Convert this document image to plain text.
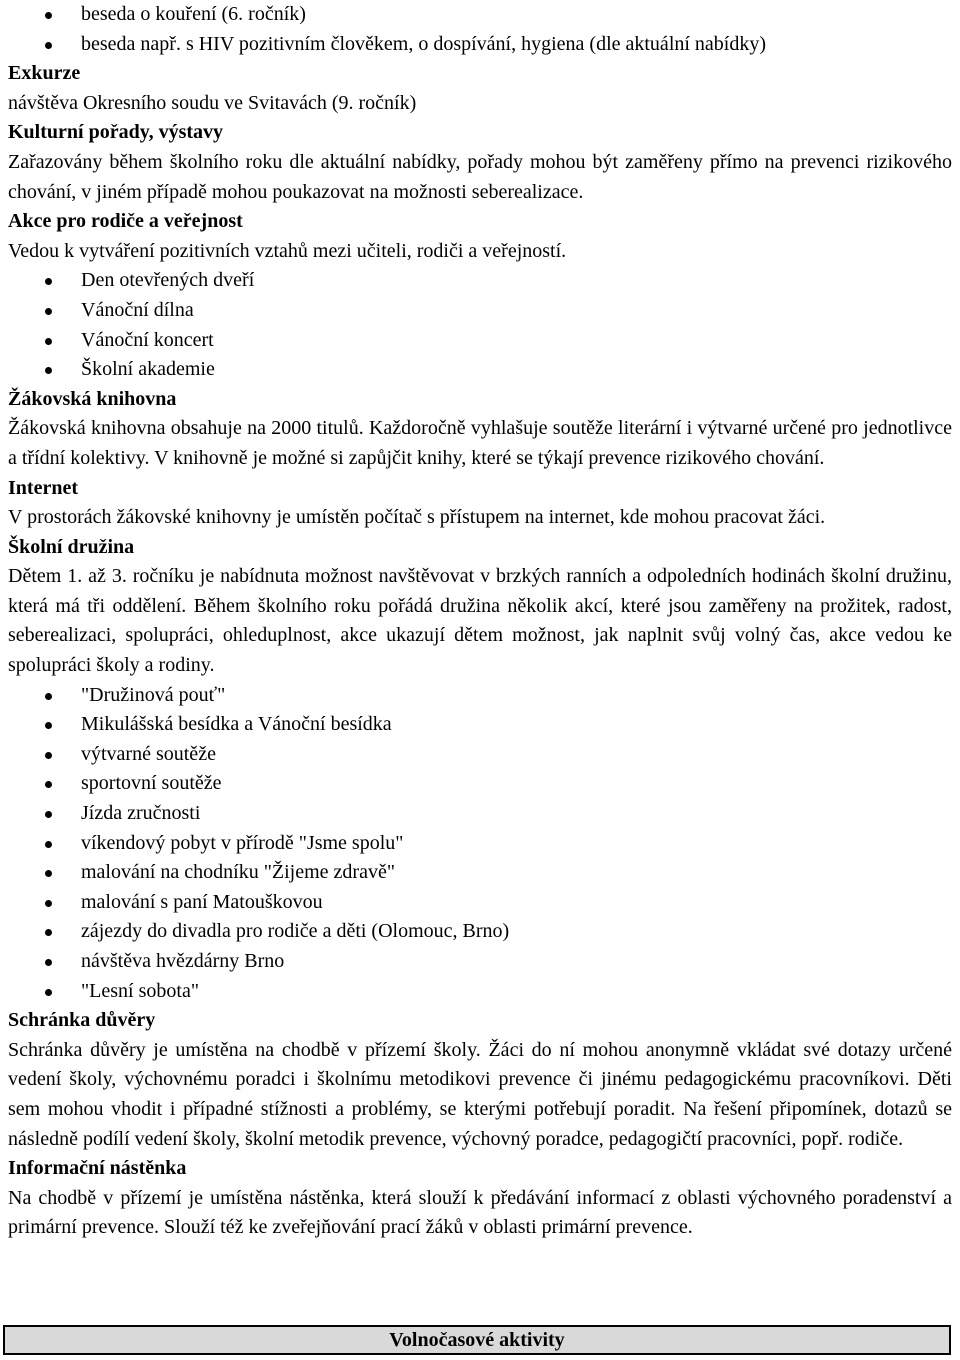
beseda o kouření (6. ročník)
beseda např. s HIV pozitivním člověkem, o dospívání, hygiena (dle aktuální nabídky)
Exkurze
návštěva Okresního soudu ve Svitavách (9. ročník)
Kulturní pořady, výstavy

Zařazovány během školního roku dle aktuální nabídky, pořady mohou být zaměřeny přímo na prevenci rizikového chování, v jiném případě mohou poukazovat na možnosti seberealizace.

Akce pro rodiče a veřejnost
Vedou k vytváření pozitivních vztahů mezi učiteli, rodiči a veřejností.
Den otevřených dveří
Vánoční dílna
Vánoční koncert
Školní akademie
Žákovská knihovna

Žákovská knihovna obsahuje na 2000 titulů. Každoročně vyhlašuje soutěže literární i výtvarné určené pro jednotlivce a třídní kolektivy. V knihovně je možné si zapůjčit knihy, které se týkají prevence rizikového chování.

Internet

V prostorách žákovské knihovny je umístěn počítač s přístupem na internet, kde mohou pracovat žáci.

Školní družina

Dětem 1. až 3. ročníku je nabídnuta možnost navštěvovat v brzkých ranních a odpoledních hodinách školní družinu, která má tři oddělení. Během školního roku pořádá družina několik akcí, které jsou zaměřeny na prožitek, radost, seberealizaci, spolupráci, ohleduplnost, akce ukazují dětem možnost, jak naplnit svůj volný čas, akce vedou ke spolupráci školy a rodiny.

"Družinová pouť"
Mikulášská besídka a Vánoční besídka
výtvarné soutěže
sportovní soutěže
Jízda zručnosti
víkendový pobyt v přírodě "Jsme spolu"
malování na chodníku "Žijeme zdravě"
malování s paní Matouškovou
zájezdy do divadla pro rodiče a děti (Olomouc, Brno)
návštěva hvězdárny Brno
"Lesní sobota"
Schránka důvěry

Schránka důvěry je umístěna na chodbě v přízemí školy. Žáci do ní mohou anonymně vkládat své dotazy určené vedení školy, výchovnému poradci i školnímu metodikovi prevence či jinému pedagogickému pracovníkovi. Děti sem mohou vhodit i případné stížnosti a problémy, se kterými potřebují poradit. Na řešení připomínek, dotazů se následně podílí vedení školy, školní metodik prevence, výchovný poradce, pedagogičtí pracovníci, popř. rodiče.

Informační nástěnka

Na chodbě v přízemí je umístěna nástěnka, která slouží k předávání informací z oblasti výchovného poradenství a primární prevence. Slouží též ke zveřejňování prací žáků v oblasti primární prevence.

Volnočasové aktivity
